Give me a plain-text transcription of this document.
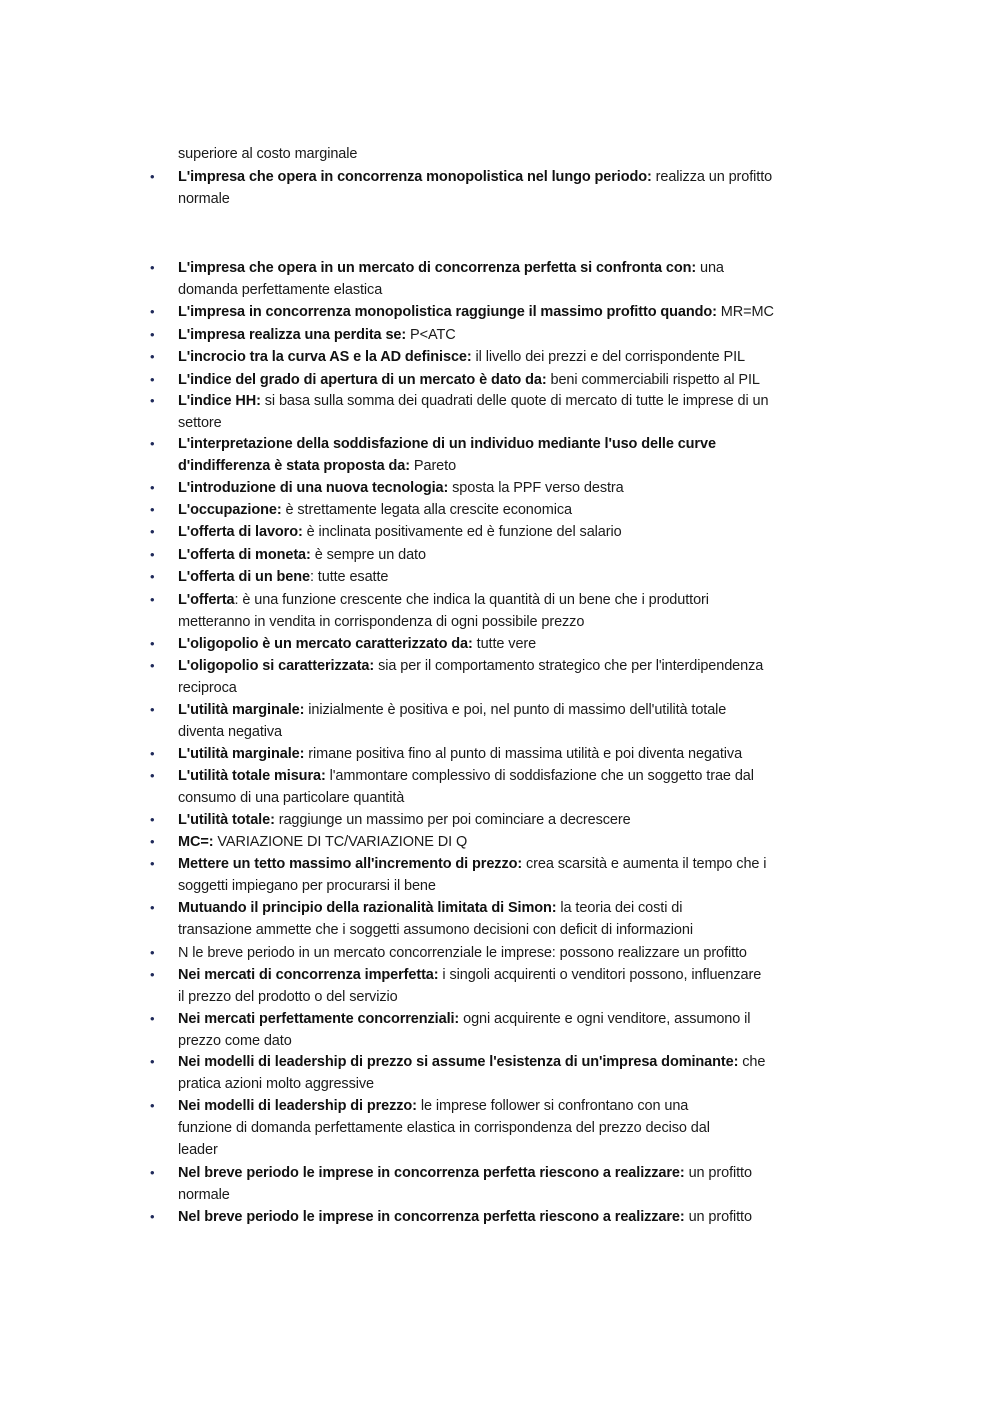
superiore al costo marginale
• L'impresa che opera in concorrenza monopolistica nel lungo periodo: realizza un profitto
normale
• L'impresa che opera in un mercato di concorrenza perfetta si confronta con: una
domanda perfettamente elastica
• L'impresa in concorrenza monopolistica raggiunge il massimo profitto quando: MR=MC
• L'impresa realizza una perdita se: P<ATC
• L'incrocio tra la curva AS e la AD definisce: il livello dei prezzi e del corrispondente PIL
• L'indice del grado di apertura di un mercato è dato da: beni commerciabili rispetto al PIL
• L'indice HH: si basa sulla somma dei quadrati delle quote di mercato di tutte le imprese di un
settore
• L'interpretazione della soddisfazione di un individuo mediante l'uso delle curve
d'indifferenza è stata proposta da: Pareto
• L'introduzione di una nuova tecnologia: sposta la PPF verso destra
• L'occupazione: è strettamente legata alla crescite economica
• L'offerta di lavoro: è inclinata positivamente ed è funzione del salario
• L'offerta di moneta: è sempre un dato
• L'offerta di un bene: tutte esatte
• L'offerta: è una funzione crescente che indica la quantità di un bene che i produttori
metteranno in vendita in corrispondenza di ogni possibile prezzo
• L'oligopolio è un mercato caratterizzato da: tutte vere
• L'oligopolio si caratterizzata: sia per il comportamento strategico che per l'interdipendenza
reciproca
• L'utilità marginale: inizialmente è positiva e poi, nel punto di massimo dell'utilità totale
diventa negativa
• L'utilità marginale: rimane positiva fino al punto di massima utilità e poi diventa negativa
• L'utilità totale misura: l'ammontare complessivo di soddisfazione che un soggetto trae dal
consumo di una particolare quantità
• L'utilità totale: raggiunge un massimo per poi cominciare a decrescere
• MC=: VARIAZIONE DI TC/VARIAZIONE DI Q
• Mettere un tetto massimo all'incremento di prezzo: crea scarsità e aumenta il tempo che i
soggetti impiegano per procurarsi il bene
• Mutuando il principio della razionalità limitata di Simon: la teoria dei costi di
transazione ammette che i soggetti assumono decisioni con deficit di informazioni
• N le breve periodo in un mercato concorrenziale le imprese: possono realizzare un profitto
• Nei mercati di concorrenza imperfetta: i singoli acquirenti o venditori possono, influenzare
il prezzo del prodotto o del servizio
• Nei mercati perfettamente concorrenziali: ogni acquirente e ogni venditore, assumono il
prezzo come dato
• Nei modelli di leadership di prezzo si assume l'esistenza di un'impresa dominante: che
pratica azioni molto aggressive
• Nei modelli di leadership di prezzo: le imprese follower si confrontano con una
funzione di domanda perfettamente elastica in corrispondenza del prezzo deciso dal
leader
• Nel breve periodo le imprese in concorrenza perfetta riescono a realizzare: un profitto
normale
• Nel breve periodo le imprese in concorrenza perfetta riescono a realizzare: un profitto
